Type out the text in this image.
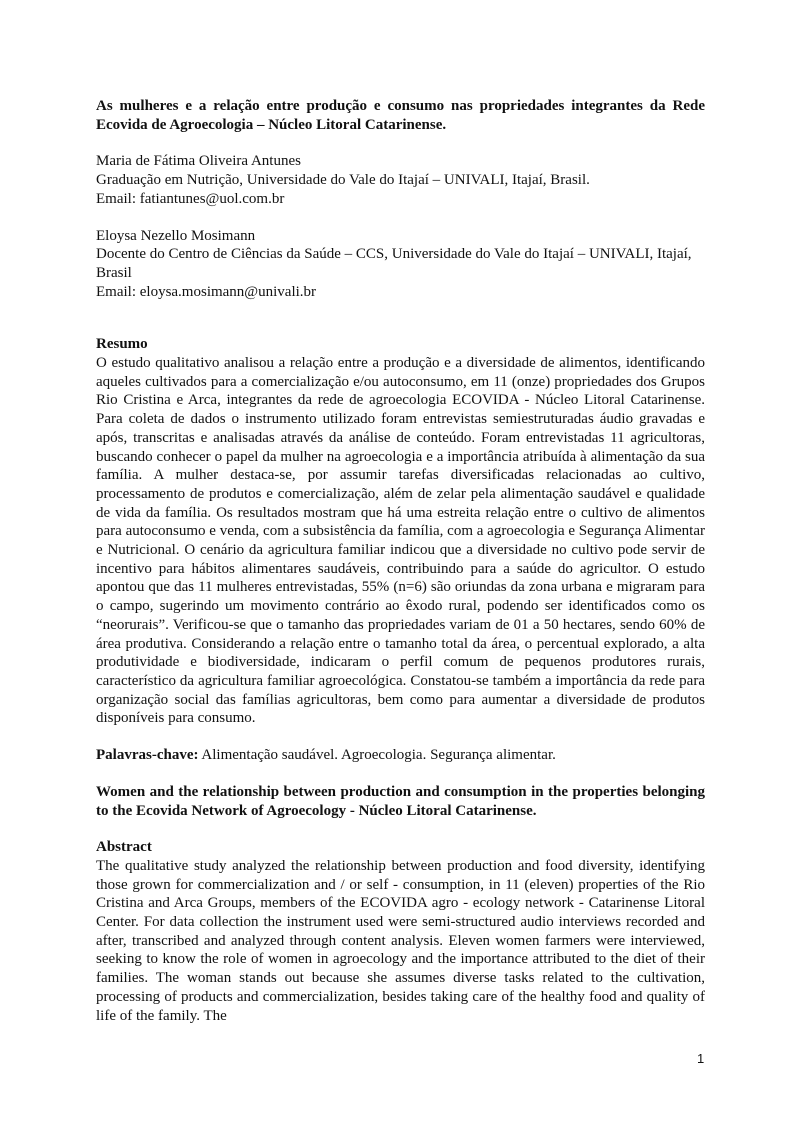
As mulheres e a relação entre produção e consumo nas propriedades integrantes da Rede Ecovida de Agroecologia – Núcleo Litoral Catarinense.

Maria de Fátima Oliveira Antunes

Graduação em Nutrição, Universidade do Vale do Itajaí – UNIVALI, Itajaí, Brasil.

Email: fatiantunes@uol.com.br

Eloysa Nezello Mosimann

Docente do Centro de Ciências da Saúde – CCS, Universidade do Vale do Itajaí – UNIVALI, Itajaí, Brasil

Email: eloysa.mosimann@univali.br

Resumo

O estudo qualitativo analisou a relação entre a produção e a diversidade de alimentos, identificando aqueles cultivados para a comercialização e/ou autoconsumo, em 11 (onze) propriedades dos Grupos Rio Cristina e Arca, integrantes da rede de agroecologia ECOVIDA - Núcleo Litoral Catarinense. Para coleta de dados o instrumento utilizado foram entrevistas semiestruturadas áudio gravadas e após, transcritas e analisadas através da análise de conteúdo. Foram entrevistadas 11 agricultoras, buscando conhecer o papel da mulher na agroecologia e a importância atribuída à alimentação da sua família. A mulher destaca-se, por assumir tarefas diversificadas relacionadas ao cultivo, processamento de produtos e comercialização, além de zelar pela alimentação saudável e qualidade de vida da família. Os resultados mostram que há uma estreita relação entre o cultivo de alimentos para autoconsumo e venda, com a subsistência da família, com a agroecologia e Segurança Alimentar e Nutricional. O cenário da agricultura familiar indicou que a diversidade no cultivo pode servir de incentivo para hábitos alimentares saudáveis, contribuindo para a saúde do agricultor. O estudo apontou que das 11 mulheres entrevistadas, 55% (n=6) são oriundas da zona urbana e migraram para o campo, sugerindo um movimento contrário ao êxodo rural, podendo ser identificados como os “neorurais”. Verificou-se que o tamanho das propriedades variam de 01 a 50 hectares, sendo 60% de área produtiva. Considerando a relação entre o tamanho total da área, o percentual explorado, a alta produtividade e biodiversidade, indicaram o perfil comum de pequenos produtores rurais, característico da agricultura familiar agroecológica. Constatou-se também a importância da rede para organização social das famílias agricultoras, bem como para aumentar a diversidade de produtos disponíveis para consumo.

Palavras-chave: Alimentação saudável. Agroecologia. Segurança alimentar.

Women and the relationship between production and consumption in the properties belonging to the Ecovida Network of Agroecology - Núcleo Litoral Catarinense.

Abstract

The qualitative study analyzed the relationship between production and food diversity, identifying those grown for commercialization and / or self - consumption, in 11 (eleven) properties of the Rio Cristina and Arca Groups, members of the ECOVIDA agro - ecology network - Catarinense Litoral Center. For data collection the instrument used were semi-structured audio interviews recorded and after, transcribed and analyzed through content analysis. Eleven women farmers were interviewed, seeking to know the role of women in agroecology and the importance attributed to the diet of their families. The woman stands out because she assumes diverse tasks related to the cultivation, processing of products and commercialization, besides taking care of the healthy food and quality of life of the family. The

1
